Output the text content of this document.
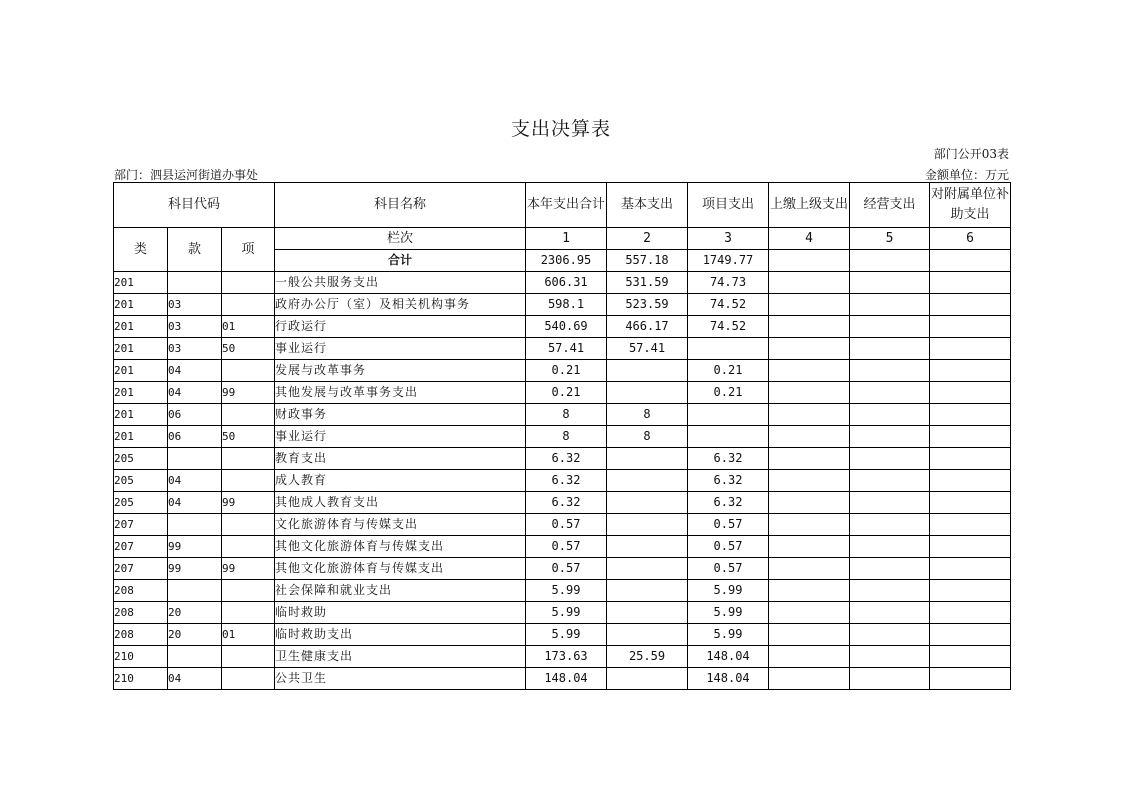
支出决算表
部门公开03表
部门：泗县运河街道办事处	金额单位：万元
科目代码			科目名称	本年支出合计	基本支出	项目支出	上缴上级支出	经营支出	对附属单位补助支出
类	款	项	栏次	1	2	3	4	5	6
			合计	2306.95	557.18	1749.77			
201			一般公共服务支出	606.31	531.59	74.73			
201	03		政府办公厅（室）及相关机构事务	598.1	523.59	74.52			
201	03	01	行政运行	540.69	466.17	74.52			
201	03	50	事业运行	57.41	57.41				
201	04		发展与改革事务	0.21		0.21			
201	04	99	其他发展与改革事务支出	0.21		0.21			
201	06		财政事务	8	8				
201	06	50	事业运行	8	8				
205			教育支出	6.32		6.32			
205	04		成人教育	6.32		6.32			
205	04	99	其他成人教育支出	6.32		6.32			
207			文化旅游体育与传媒支出	0.57		0.57			
207	99		其他文化旅游体育与传媒支出	0.57		0.57			
207	99	99	其他文化旅游体育与传媒支出	0.57		0.57			
208			社会保障和就业支出	5.99		5.99			
208	20		临时救助	5.99		5.99			
208	20	01	临时救助支出	5.99		5.99			
210			卫生健康支出	173.63	25.59	148.04			
210	04		公共卫生	148.04		148.04			
